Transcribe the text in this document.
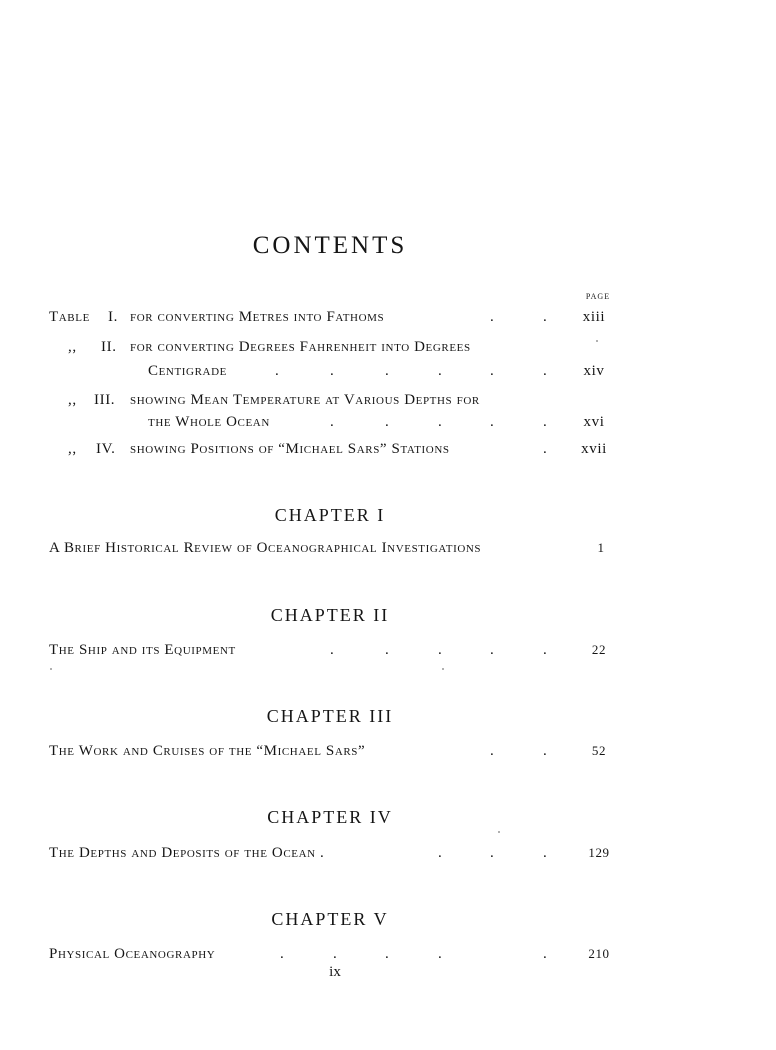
CONTENTS
PAGE
Table I. for converting Metres into Fathoms	.	.	xiii
,, II. for converting Degrees Fahrenheit into Degrees
Centigrade	.	.	.	.	.	.	xiv
,, III. showing Mean Temperature at Various Depths for
the Whole Ocean	.	.	.	.	.	xvi
,, IV. showing Positions of “Michael Sars” Stations	.	xvii
CHAPTER I
A Brief Historical Review of Oceanographical Investigations	1
CHAPTER II
The Ship and its Equipment	.	.	.	.	.	22
CHAPTER III
The Work and Cruises of the “Michael Sars”	.	.	52
CHAPTER IV
The Depths and Deposits of the Ocean .	.	.	.	129
CHAPTER V
Physical Oceanography	.	.	.	.	.	210
ix
